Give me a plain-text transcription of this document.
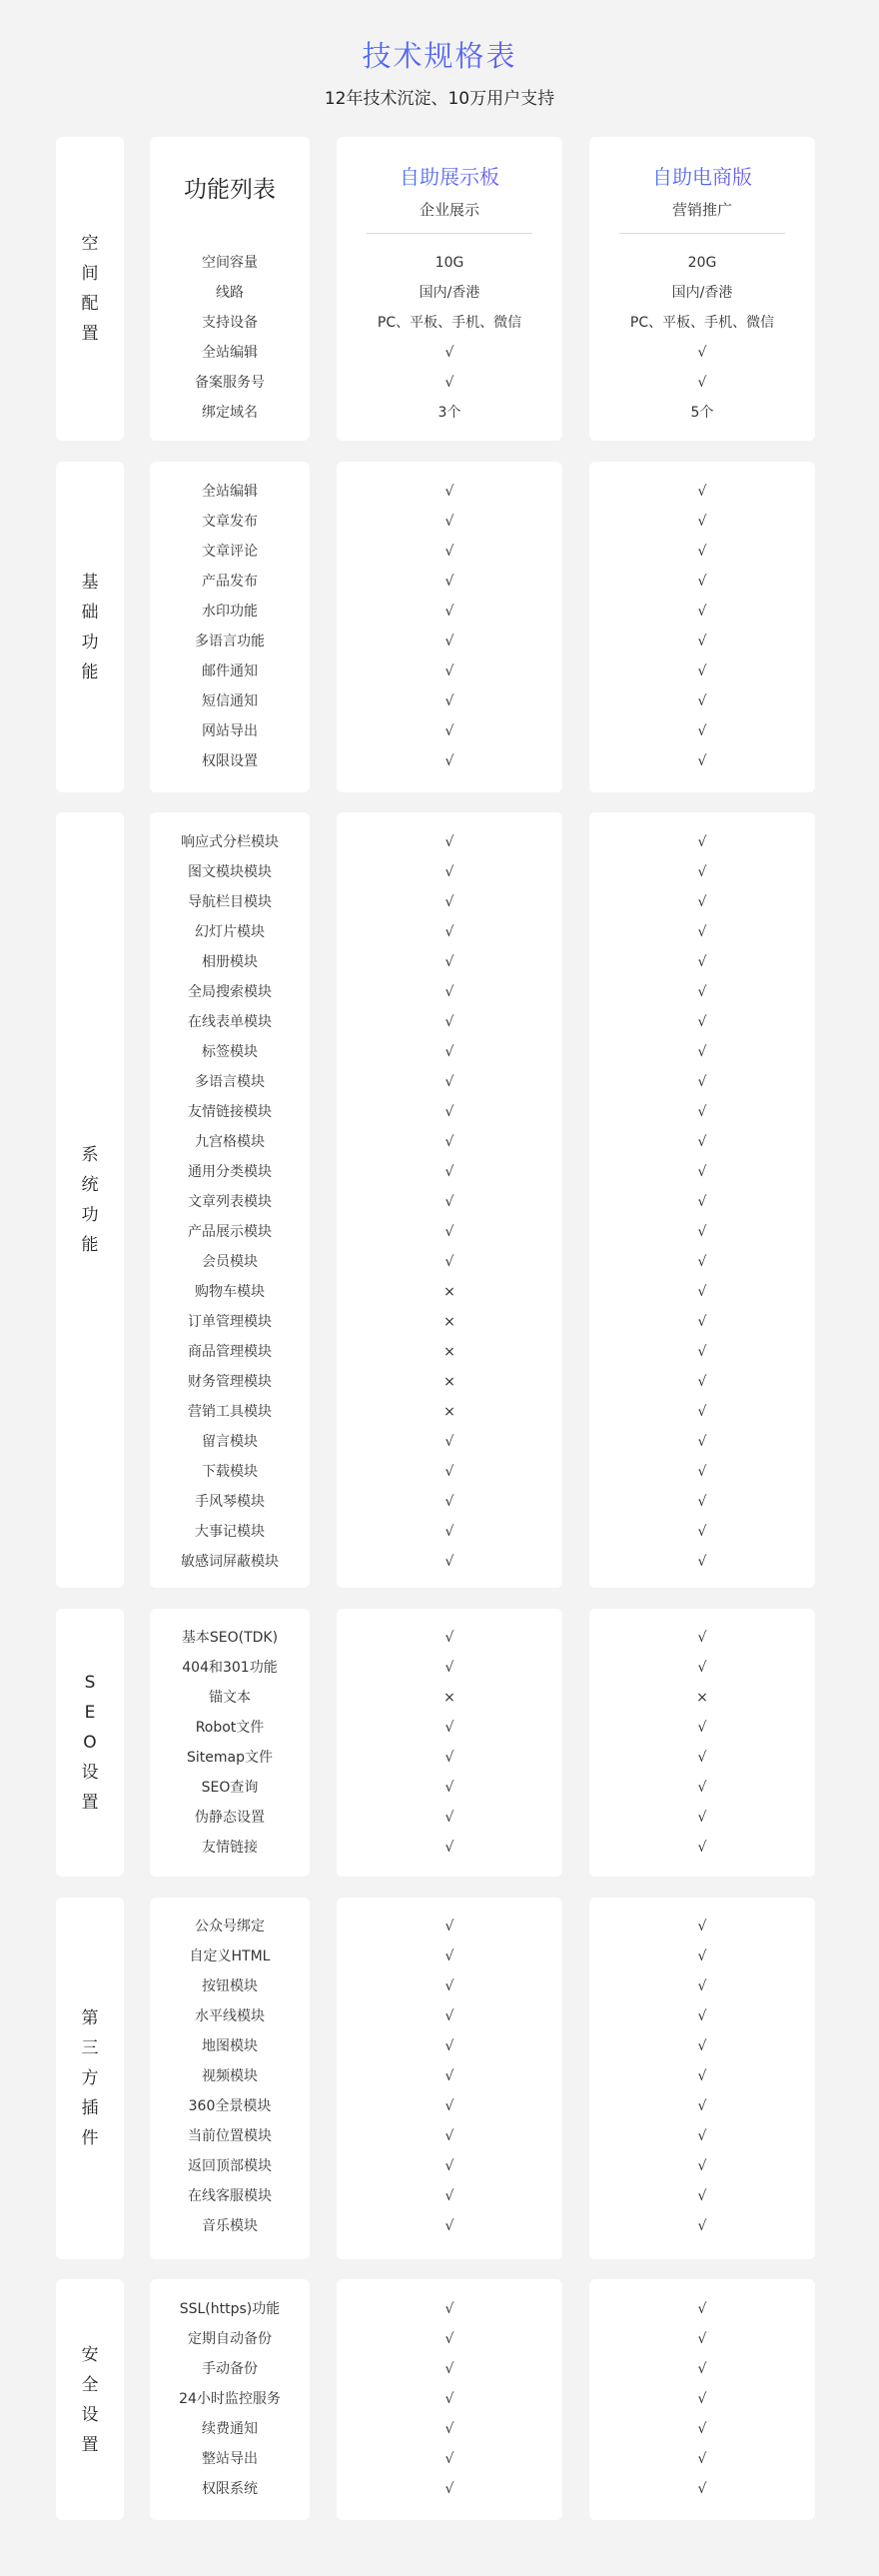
技术规格表
12年技术沉淀、10万用户支持
空
间
配
置
功能列表
空间容量
线路
支持设备
全站编辑
备案服务号
绑定域名
自助展示板
企业展示
10G
国内/香港
PC、平板、手机、微信
√
√
3个
自助电商版
营销推广
20G
国内/香港
PC、平板、手机、微信
√
√
5个
基
础
功
能
全站编辑
文章发布
文章评论
产品发布
水印功能
多语言功能
邮件通知
短信通知
网站导出
权限设置
√
√
√
√
√
√
√
√
√
√
√
√
√
√
√
√
√
√
√
√
系
统
功
能
响应式分栏模块
图文模块模块
导航栏目模块
幻灯片模块
相册模块
全局搜索模块
在线表单模块
标签模块
多语言模块
友情链接模块
九宫格模块
通用分类模块
文章列表模块
产品展示模块
会员模块
购物车模块
订单管理模块
商品管理模块
财务管理模块
营销工具模块
留言模块
下载模块
手风琴模块
大事记模块
敏感词屏蔽模块
√
√
√
√
√
√
√
√
√
√
√
√
√
√
√
×
×
×
×
×
√
√
√
√
√
√
√
√
√
√
√
√
√
√
√
√
√
√
√
√
√
√
√
√
√
√
√
√
√
√
S
E
O
设
置
基本SEO(TDK)
404和301功能
锚文本
Robot文件
Sitemap文件
SEO查询
伪静态设置
友情链接
√
√
×
√
√
√
√
√
√
√
×
√
√
√
√
√
第
三
方
插
件
公众号绑定
自定义HTML
按钮模块
水平线模块
地图模块
视频模块
360全景模块
当前位置模块
返回顶部模块
在线客服模块
音乐模块
√
√
√
√
√
√
√
√
√
√
√
√
√
√
√
√
√
√
√
√
√
√
安
全
设
置
SSL(https)功能
定期自动备份
手动备份
24小时监控服务
续费通知
整站导出
权限系统
√
√
√
√
√
√
√
√
√
√
√
√
√
√
